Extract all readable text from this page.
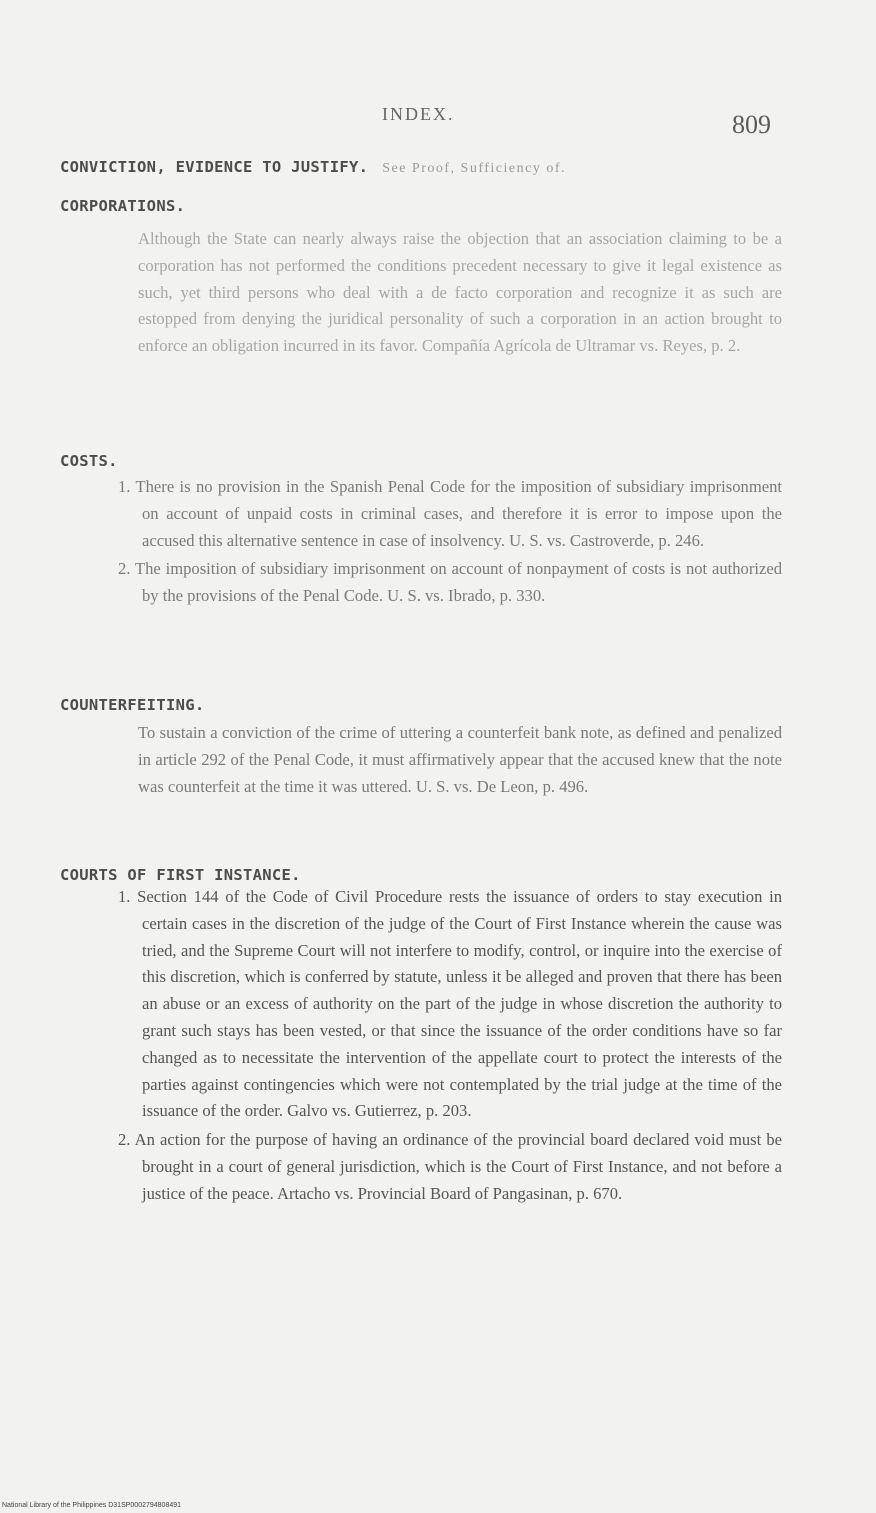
INDEX.	809
CONVICTION, EVIDENCE TO JUSTIFY. See Proof, Sufficiency of.
CORPORATIONS.

Although the State can nearly always raise the objection that an association claiming to be a corporation has not performed the conditions precedent necessary to give it legal existence as such, yet third persons who deal with a de facto corporation and recognize it as such are estopped from denying the juridical personality of such a corporation in an action brought to enforce an obligation incurred in its favor. Compañía Agrícola de Ultramar vs. Reyes, p. 2.

COSTS.

1. There is no provision in the Spanish Penal Code for the imposition of subsidiary imprisonment on account of unpaid costs in criminal cases, and therefore it is error to impose upon the accused this alternative sentence in case of insolvency. U. S. vs. Castroverde, p. 246.

2. The imposition of subsidiary imprisonment on account of nonpayment of costs is not authorized by the provisions of the Penal Code. U. S. vs. Ibrado, p. 330.

COUNTERFEITING.

To sustain a conviction of the crime of uttering a counterfeit bank note, as defined and penalized in article 292 of the Penal Code, it must affirmatively appear that the accused knew that the note was counterfeit at the time it was uttered. U. S. vs. De Leon, p. 496.

COURTS OF FIRST INSTANCE.

1. Section 144 of the Code of Civil Procedure rests the issuance of orders to stay execution in certain cases in the discretion of the judge of the Court of First Instance wherein the cause was tried, and the Supreme Court will not interfere to modify, control, or inquire into the exercise of this discretion, which is conferred by statute, unless it be alleged and proven that there has been an abuse or an excess of authority on the part of the judge in whose discretion the authority to grant such stays has been vested, or that since the issuance of the order conditions have so far changed as to necessitate the intervention of the appellate court to protect the interests of the parties against contingencies which were not contemplated by the trial judge at the time of the issuance of the order. Galvo vs. Gutierrez, p. 203.

2. An action for the purpose of having an ordinance of the provincial board declared void must be brought in a court of general jurisdiction, which is the Court of First Instance, and not before a justice of the peace. Artacho vs. Provincial Board of Pangasinan, p. 670.

National Library of the Philippines D31SP0002794808491
